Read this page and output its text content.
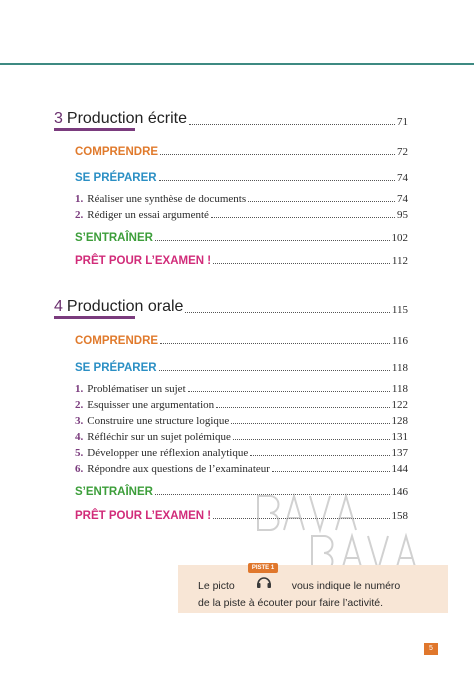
3 Production écrite	71
COMPRENDRE	72
SE PRÉPARER	74
1. Réaliser une synthèse de documents	74
2. Rédiger un essai argumenté	95
S’ENTRAÎNER	102
PRÊT POUR L’EXAMEN !	112
4 Production orale	115
COMPRENDRE	116
SE PRÉPARER	118
1. Problématiser un sujet	118
2. Esquisser une argumentation	122
3. Construire une structure logique	128
4. Réfléchir sur un sujet polémique	131
5. Développer une réflexion analytique	137
6. Répondre aux questions de l’examinateur	144
S’ENTRAÎNER	146
PRÊT POUR L’EXAMEN !	158
PISTE 1
Le picto	vous indique le numéro
de la piste à écouter pour faire l’activité.
5
